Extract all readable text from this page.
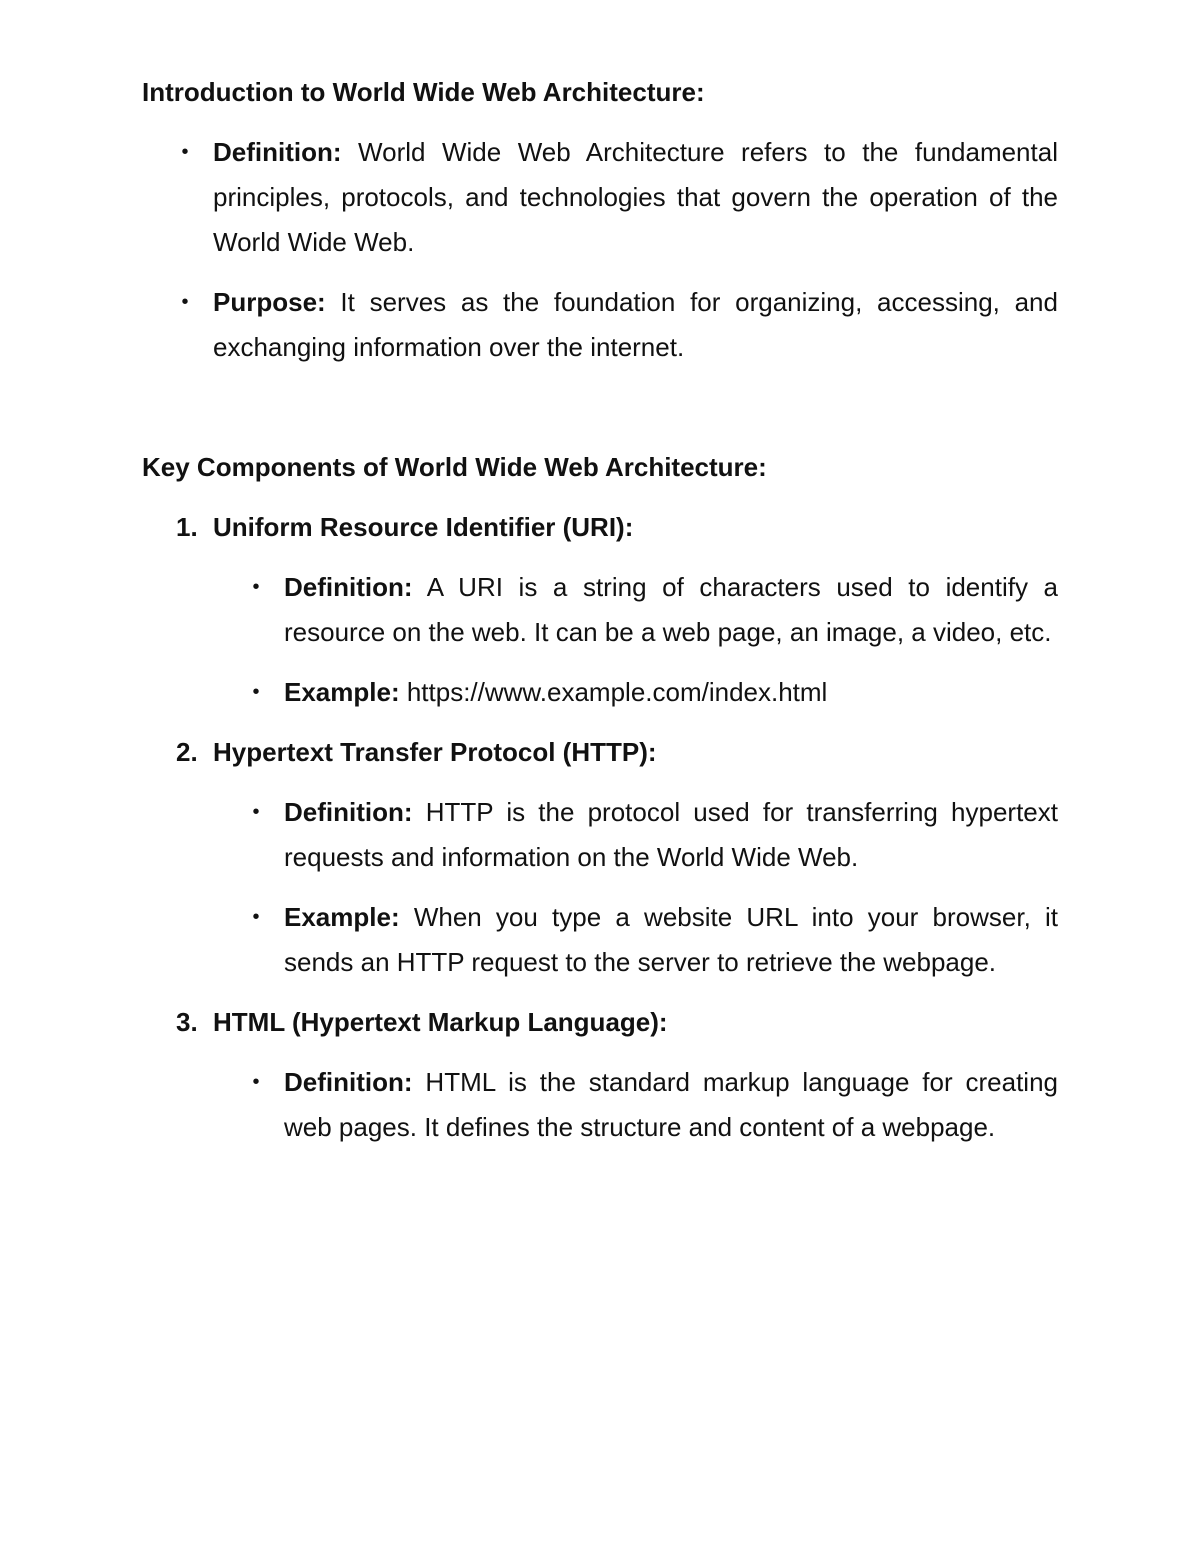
Introduction to World Wide Web Architecture:

• Definition: World Wide Web Architecture refers to the fundamental principles, protocols, and technologies that govern the operation of the World Wide Web.
• Purpose: It serves as the foundation for organizing, accessing, and exchanging information over the internet.

Key Components of World Wide Web Architecture:

1. Uniform Resource Identifier (URI):

• Definition: A URI is a string of characters used to identify a resource on the web. It can be a web page, an image, a video, etc.
• Example: https://www.example.com/index.html

2. Hypertext Transfer Protocol (HTTP):

• Definition: HTTP is the protocol used for transferring hypertext requests and information on the World Wide Web.
• Example: When you type a website URL into your browser, it sends an HTTP request to the server to retrieve the webpage.

3. HTML (Hypertext Markup Language):

• Definition: HTML is the standard markup language for creating web pages. It defines the structure and content of a webpage.
